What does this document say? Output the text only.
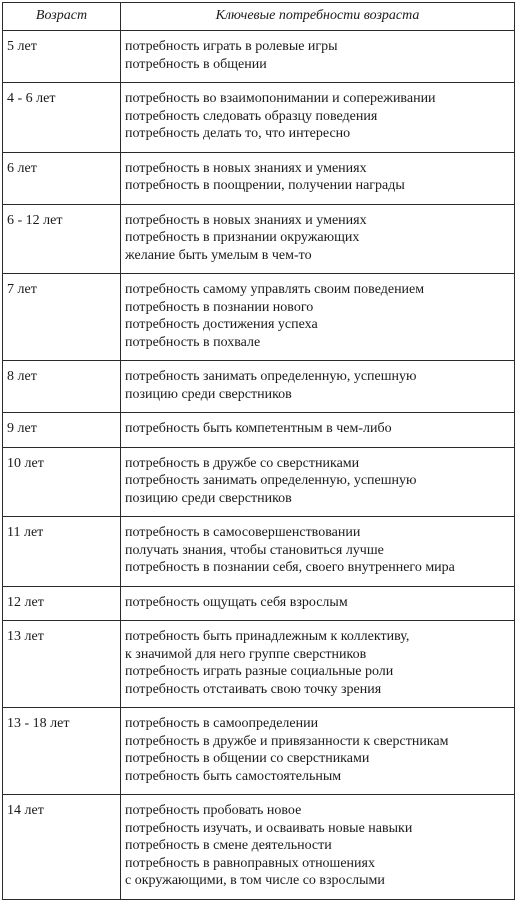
Возраст	Ключевые потребности возраста
5 лет	потребность играть в ролевые игры
потребность в общении

4 - 6 лет	потребность во взаимопонимании и сопереживании
потребность следовать образцу поведения
потребность делать то, что интересно

6 лет	потребность в новых знаниях и умениях
потребность в поощрении, получении награды

6 - 12 лет	потребность в новых знаниях и умениях
потребность в признании окружающих
желание быть умелым в чем-то

7 лет	потребность самому управлять своим поведением
потребность в познании нового
потребность достижения успеха
потребность в похвале

8 лет	потребность занимать определенную, успешную
позицию среди сверстников

9 лет	потребность быть компетентным в чем-либо

10 лет	потребность в дружбе со сверстниками
потребность занимать определенную, успешную
позицию среди сверстников

11 лет	потребность в самосовершенствовании
получать знания, чтобы становиться лучше
потребность в познании себя, своего внутреннего мира

12 лет	потребность ощущать себя взрослым

13 лет	потребность быть принадлежным к коллективу,
к значимой для него группе сверстников
потребность играть разные социальные роли
потребность отстаивать свою точку зрения

13 - 18 лет	потребность в самоопределении
потребность в дружбе и привязанности к сверстникам
потребность в общении со сверстниками
потребность быть самостоятельным

14 лет	потребность пробовать новое
потребность изучать, и осваивать новые навыки
потребность в смене деятельности
потребность в равноправных отношениях
с окружающими, в том числе со взрослыми
